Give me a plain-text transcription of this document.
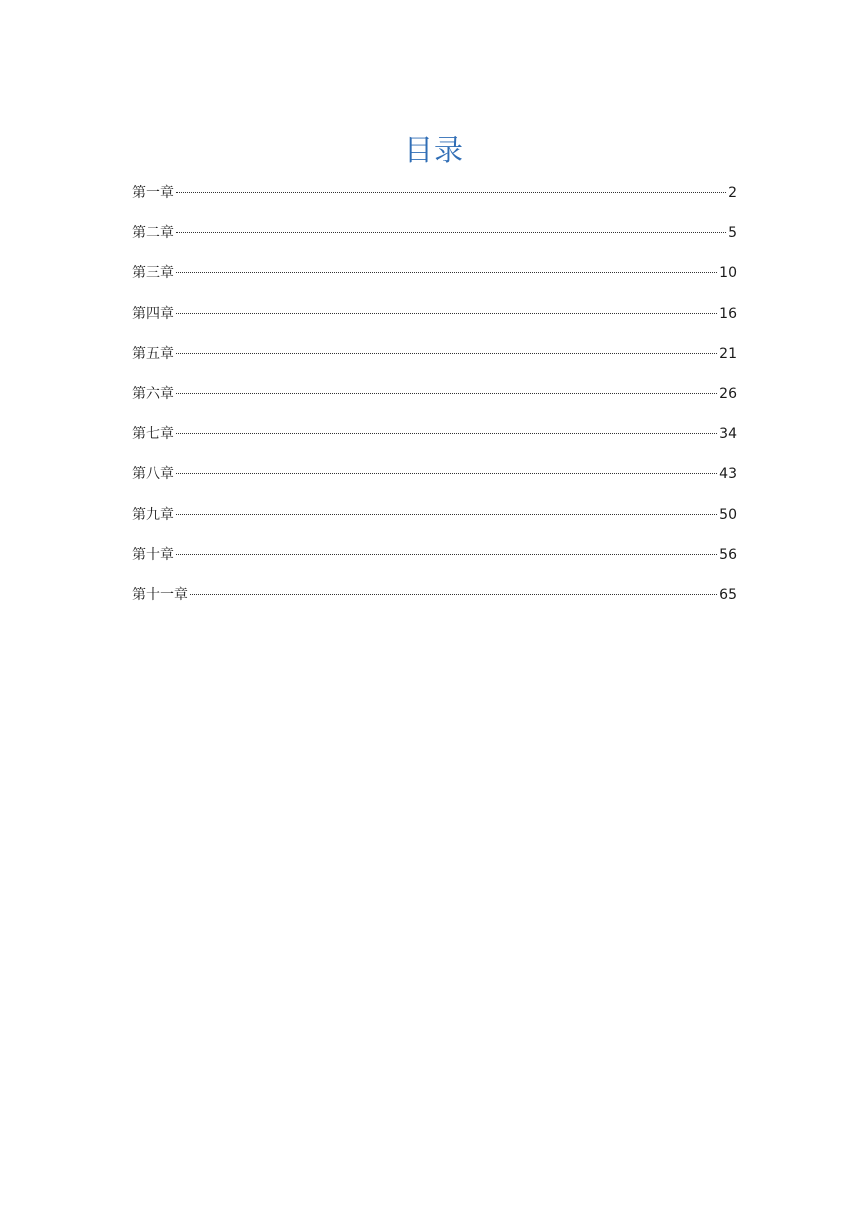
目录
第一章	2
第二章	5
第三章	10
第四章	16
第五章	21
第六章	26
第七章	34
第八章	43
第九章	50
第十章	56
第十一章	65
